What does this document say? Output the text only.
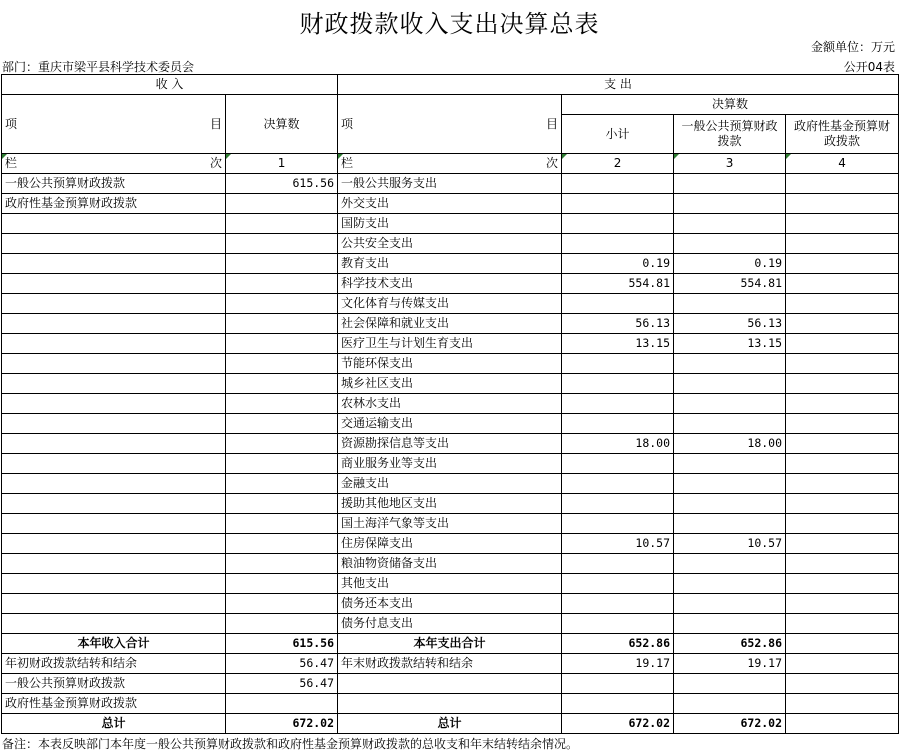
财政拨款收入支出决算总表
金额单位：万元
部门：重庆市梁平县科学技术委员会	公开04表
收 入		支 出			

项 目	决算数	项 目	决算数		
			小计	一般公共预算财政拨款	政府性基金预算财政拨款

栏 次	1	栏 次	2	3	4
一般公共预算财政拨款	615.56	一般公共服务支出			
政府性基金预算财政拨款		外交支出			
		国防支出			
		公共安全支出			
		教育支出	0.19	0.19	
		科学技术支出	554.81	554.81	
		文化体育与传媒支出			
		社会保障和就业支出	56.13	56.13	
		医疗卫生与计划生育支出	13.15	13.15	
		节能环保支出			
		城乡社区支出			
		农林水支出			
		交通运输支出			
		资源勘探信息等支出	18.00	18.00	
		商业服务业等支出			
		金融支出			
		援助其他地区支出			
		国土海洋气象等支出			
		住房保障支出	10.57	10.57	
		粮油物资储备支出			
		其他支出			
		债务还本支出			
		债务付息支出			
本年收入合计	615.56	本年支出合计	652.86	652.86	
年初财政拨款结转和结余	56.47	年末财政拨款结转和结余	19.17	19.17	
一般公共预算财政拨款	56.47				
政府性基金预算财政拨款					
总计	672.02	总计	672.02	672.02	
备注：本表反映部门本年度一般公共预算财政拨款和政府性基金预算财政拨款的总收支和年末结转结余情况。
